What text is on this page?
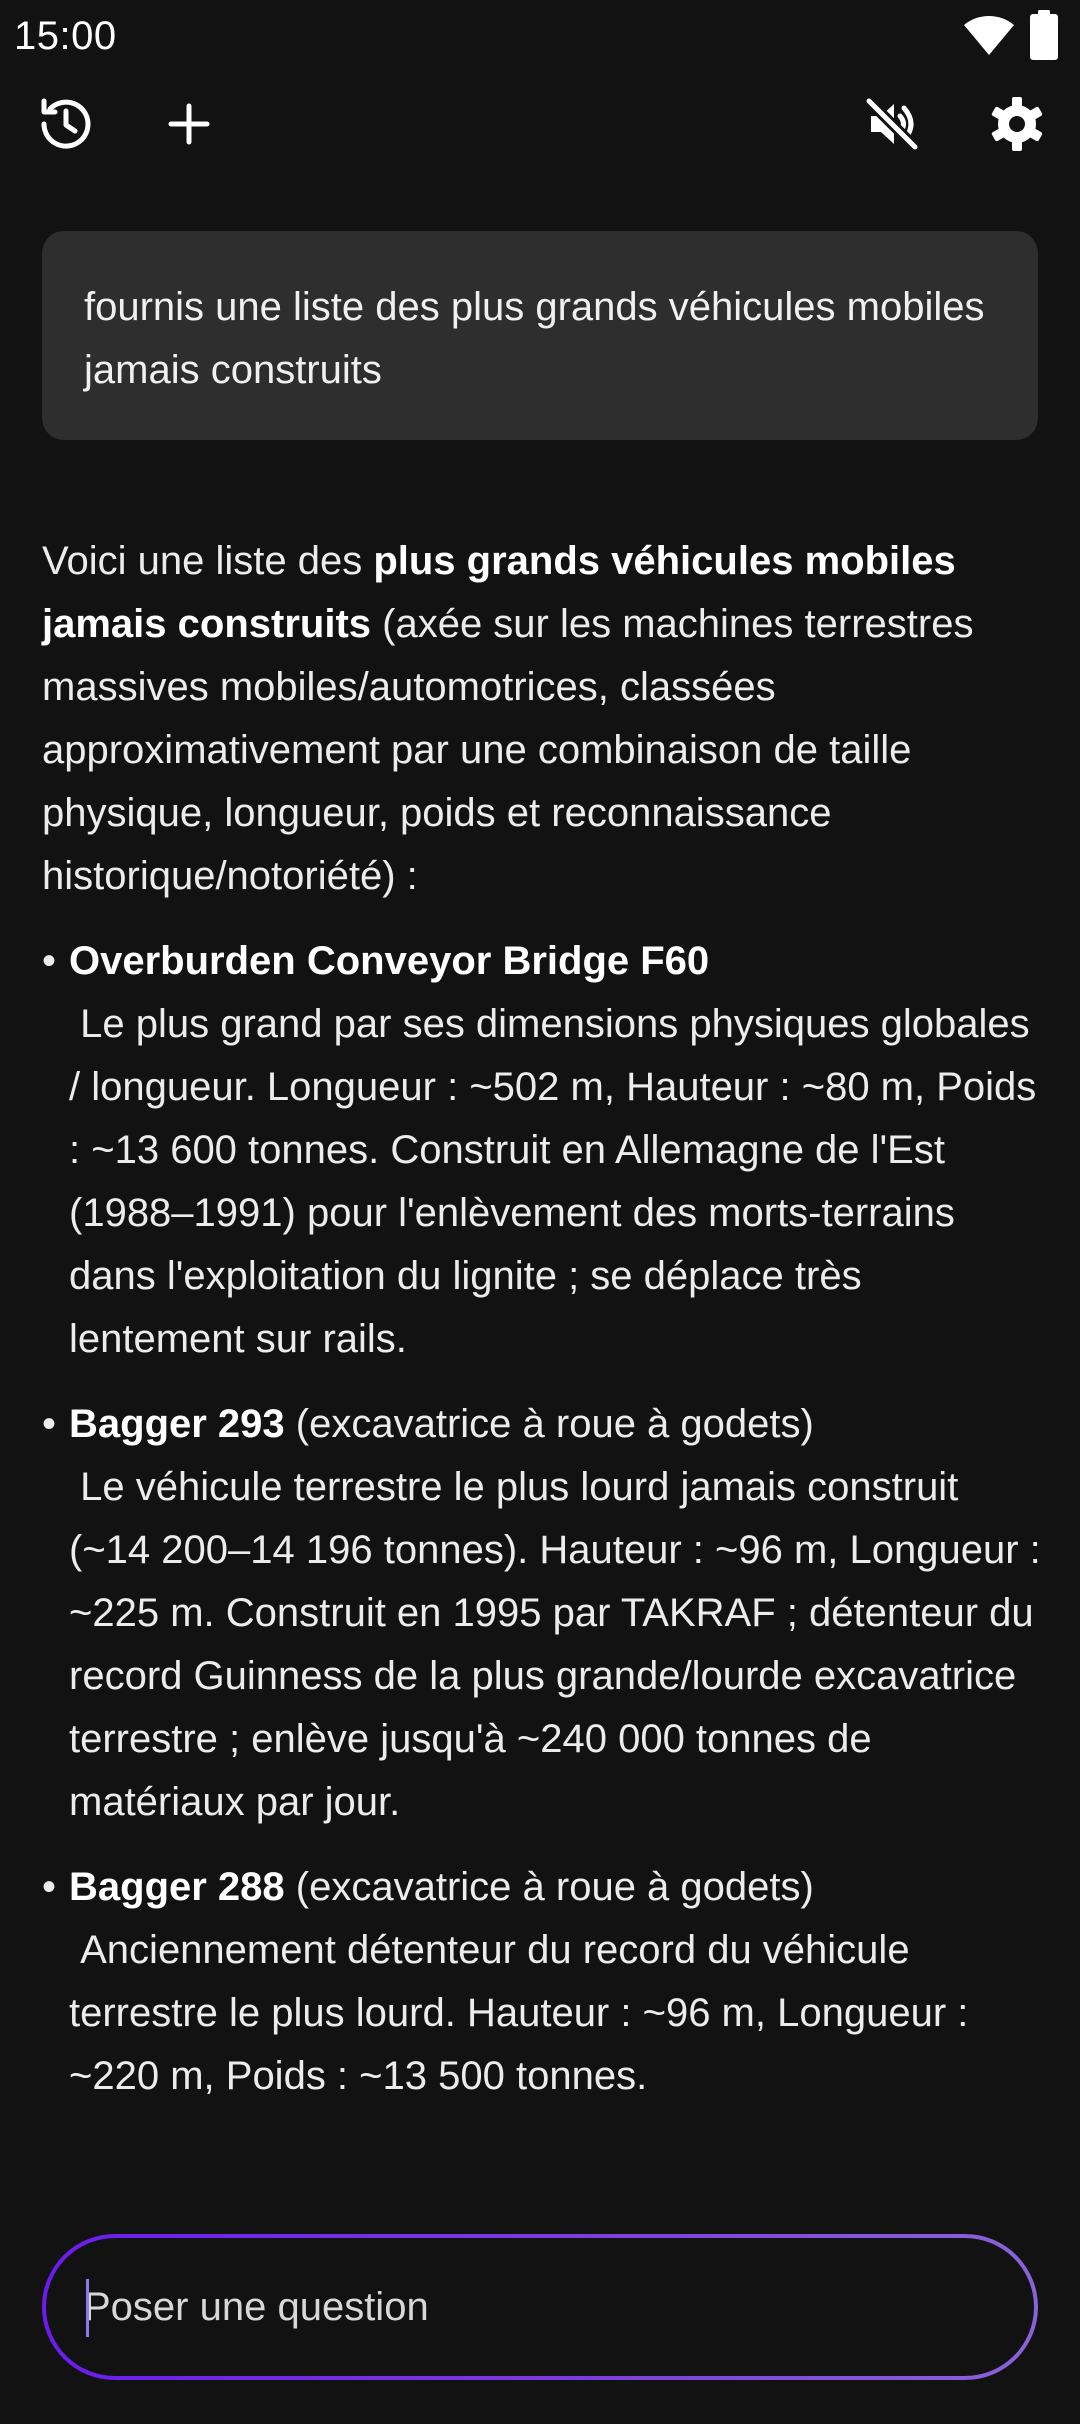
15:00
fournis une liste des plus grands véhicules mobiles jamais construits

Voici une liste des plus grands véhicules mobiles jamais construits (axée sur les machines terrestres massives mobiles/automotrices, classées approximativement par une combinaison de taille physique, longueur, poids et reconnaissance historique/notoriété) :

• Overburden Conveyor Bridge F60
Le plus grand par ses dimensions physiques globales / longueur. Longueur : ~502 m, Hauteur : ~80 m, Poids : ~13 600 tonnes. Construit en Allemagne de l'Est (1988–1991) pour l'enlèvement des morts-terrains dans l'exploitation du lignite ; se déplace très lentement sur rails.
• Bagger 293 (excavatrice à roue à godets)
Le véhicule terrestre le plus lourd jamais construit (~14 200–14 196 tonnes). Hauteur : ~96 m, Longueur : ~225 m. Construit en 1995 par TAKRAF ; détenteur du record Guinness de la plus grande/lourde excavatrice terrestre ; enlève jusqu'à ~240 000 tonnes de matériaux par jour.
• Bagger 288 (excavatrice à roue à godets)
Anciennement détenteur du record du véhicule terrestre le plus lourd. Hauteur : ~96 m, Longueur : ~220 m, Poids : ~13 500 tonnes.
Poser une question
